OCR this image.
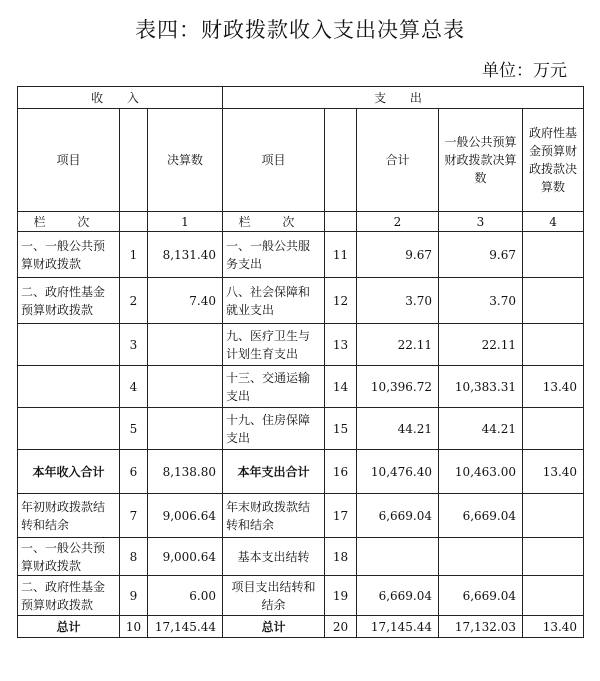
表四：财政拨款收入支出决算总表
单位：万元
收 入			支 出				
项目		决算数	项目		合计	一般公共预算财政拨款决算数	政府性基金预算财政拨款决算数
栏 次		1	栏 次		2	3	4
一、一般公共预算财政拨款	1	8,131.40	一、一般公共服务支出	11	9.67	9.67	
二、政府性基金预算财政拨款	2	7.40	八、社会保障和就业支出	12	3.70	3.70	
	3		九、医疗卫生与计划生育支出	13	22.11	22.11	
	4		十三、交通运输支出	14	10,396.72	10,383.31	13.40
	5		十九、住房保障支出	15	44.21	44.21	
本年收入合计	6	8,138.80	本年支出合计	16	10,476.40	10,463.00	13.40
年初财政拨款结转和结余	7	9,006.64	年末财政拨款结转和结余	17	6,669.04	6,669.04	
一、一般公共预算财政拨款	8	9,000.64	基本支出结转	18			
二、政府性基金预算财政拨款	9	6.00	项目支出结转和结余	19	6,669.04	6,669.04	
总计	10	17,145.44	总计	20	17,145.44	17,132.03	13.40
